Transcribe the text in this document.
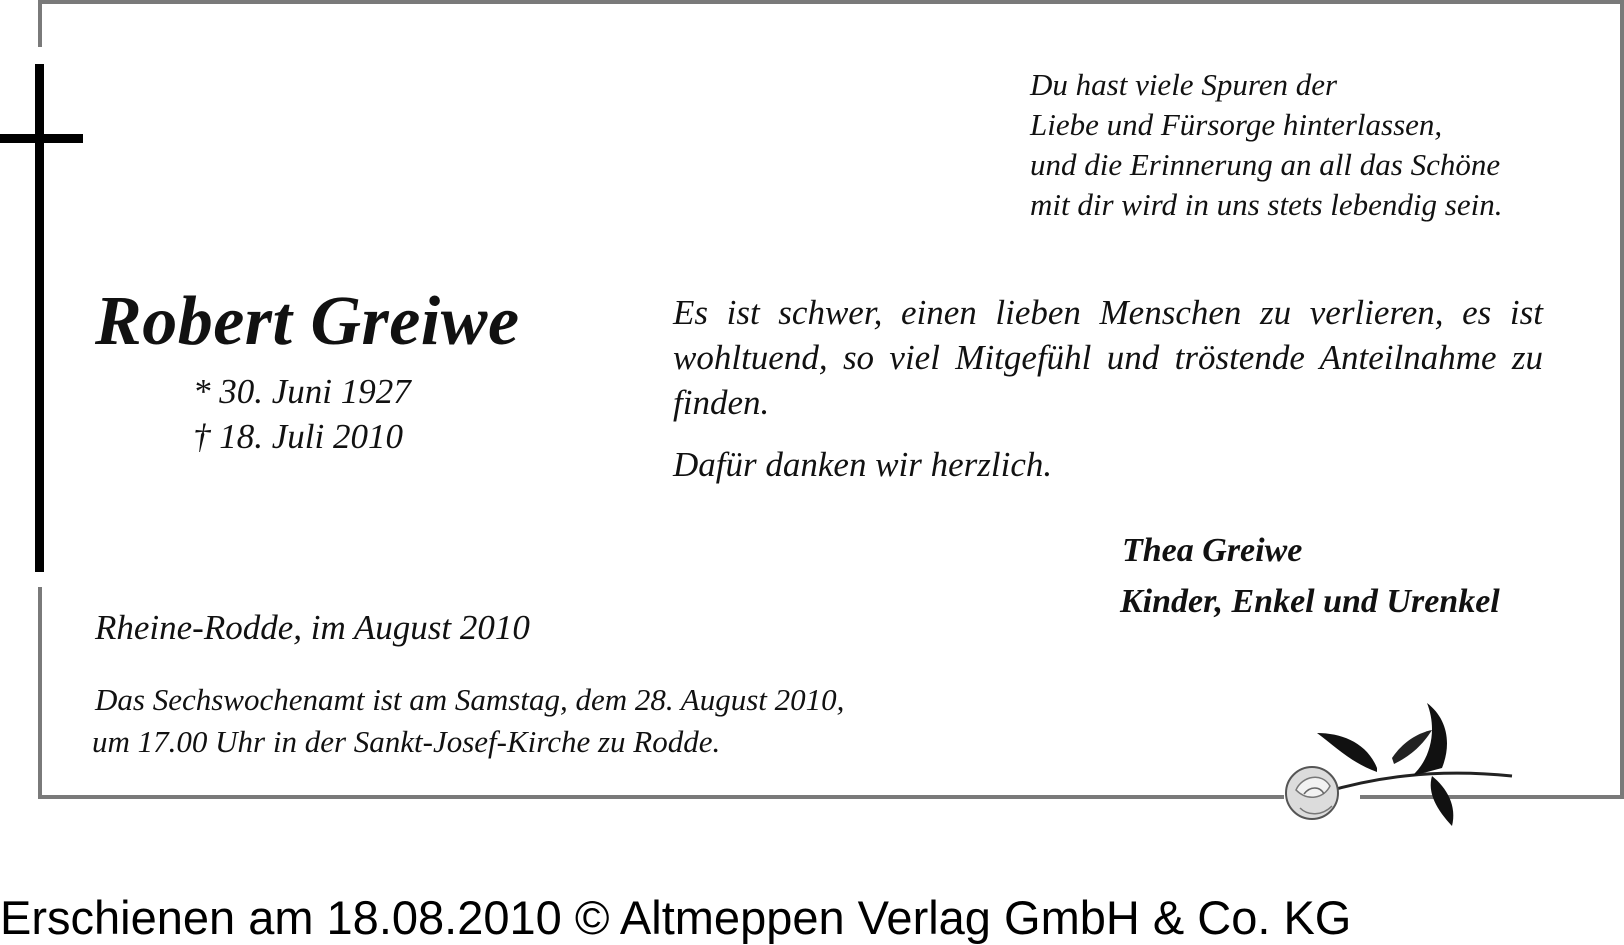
Du hast viele Spuren der
Liebe und Fürsorge hinterlassen,
und die Erinnerung an all das Schöne
mit dir wird in uns stets lebendig sein.
Robert Greiwe
* 30. Juni 1927
† 18. Juli 2010
Es ist schwer, einen lieben Menschen zu verlieren, es ist wohltuend, so viel Mitgefühl und tröstende Anteilnahme zu finden.
Dafür danken wir herzlich.
Thea Greiwe
Kinder, Enkel und Urenkel
Rheine-Rodde, im August 2010
Das Sechswochenamt ist am Samstag, dem 28. August 2010,
um 17.00 Uhr in der Sankt-Josef-Kirche zu Rodde.
Erschienen am 18.08.2010 © Altmeppen Verlag GmbH & Co. KG
